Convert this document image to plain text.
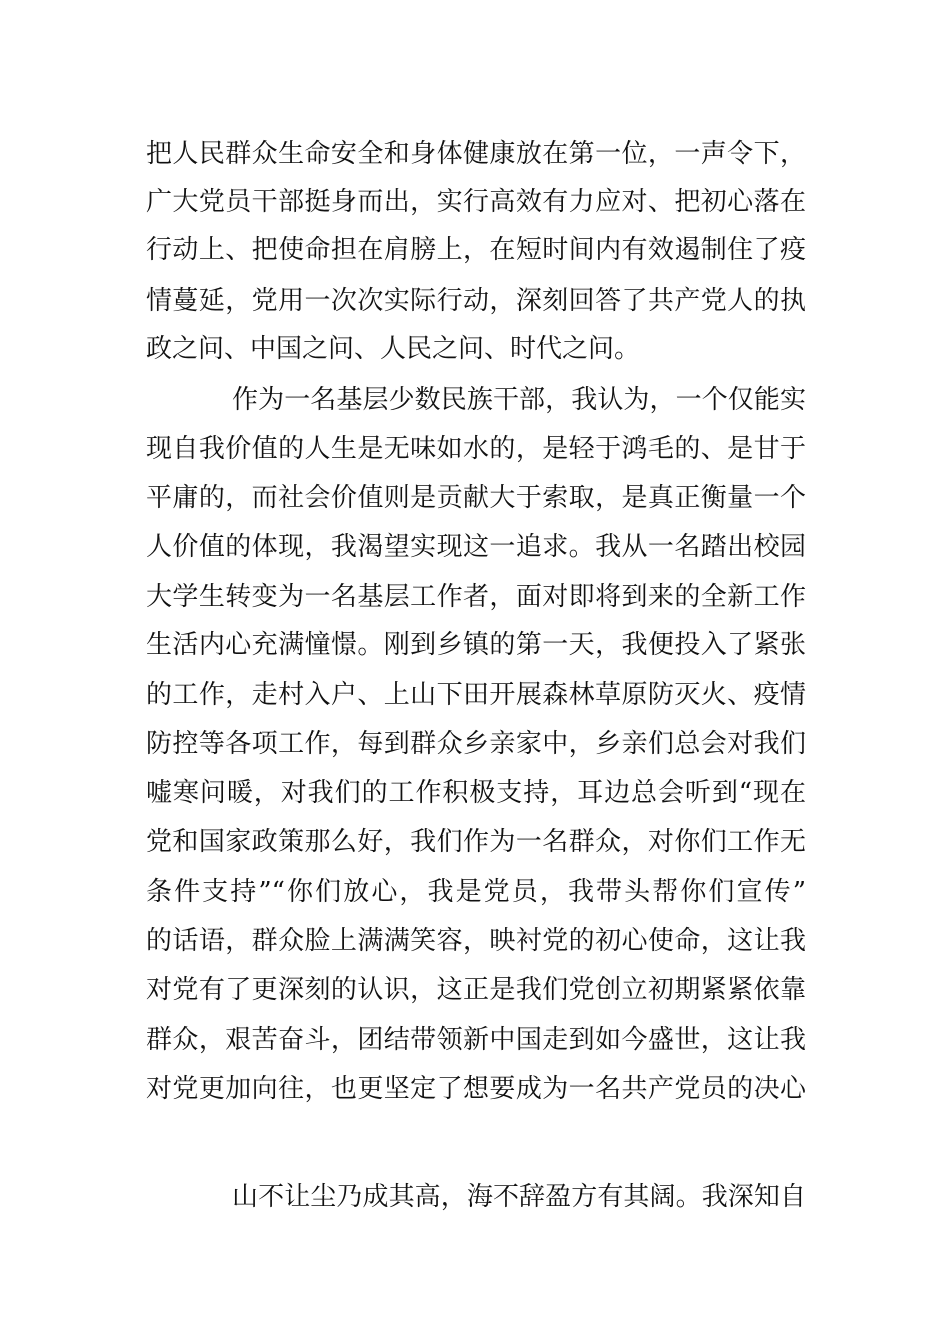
把人民群众生命安全和身体健康放在第一位，一声令下，
广大党员干部挺身而出，实行高效有力应对、把初心落在
行动上、把使命担在肩膀上，在短时间内有效遏制住了疫
情蔓延，党用一次次实际行动，深刻回答了共产党人的执
政之问、中国之问、人民之问、时代之问。
作为一名基层少数民族干部，我认为，一个仅能实
现自我价值的人生是无味如水的，是轻于鸿毛的、是甘于
平庸的，而社会价值则是贡献大于索取，是真正衡量一个
人价值的体现，我渴望实现这一追求。我从一名踏出校园
大学生转变为一名基层工作者，面对即将到来的全新工作
生活内心充满憧憬。刚到乡镇的第一天，我便投入了紧张
的工作，走村入户、上山下田开展森林草原防灭火、疫情
防控等各项工作，每到群众乡亲家中，乡亲们总会对我们
嘘寒问暖，对我们的工作积极支持，耳边总会听到“现在
党和国家政策那么好，我们作为一名群众，对你们工作无
条件支持”“你们放心，我是党员，我带头帮你们宣传”
的话语，群众脸上满满笑容，映衬党的初心使命，这让我
对党有了更深刻的认识，这正是我们党创立初期紧紧依靠
群众，艰苦奋斗，团结带领新中国走到如今盛世，这让我
对党更加向往，也更坚定了想要成为一名共产党员的决心
山不让尘乃成其高，海不辞盈方有其阔。我深知自
